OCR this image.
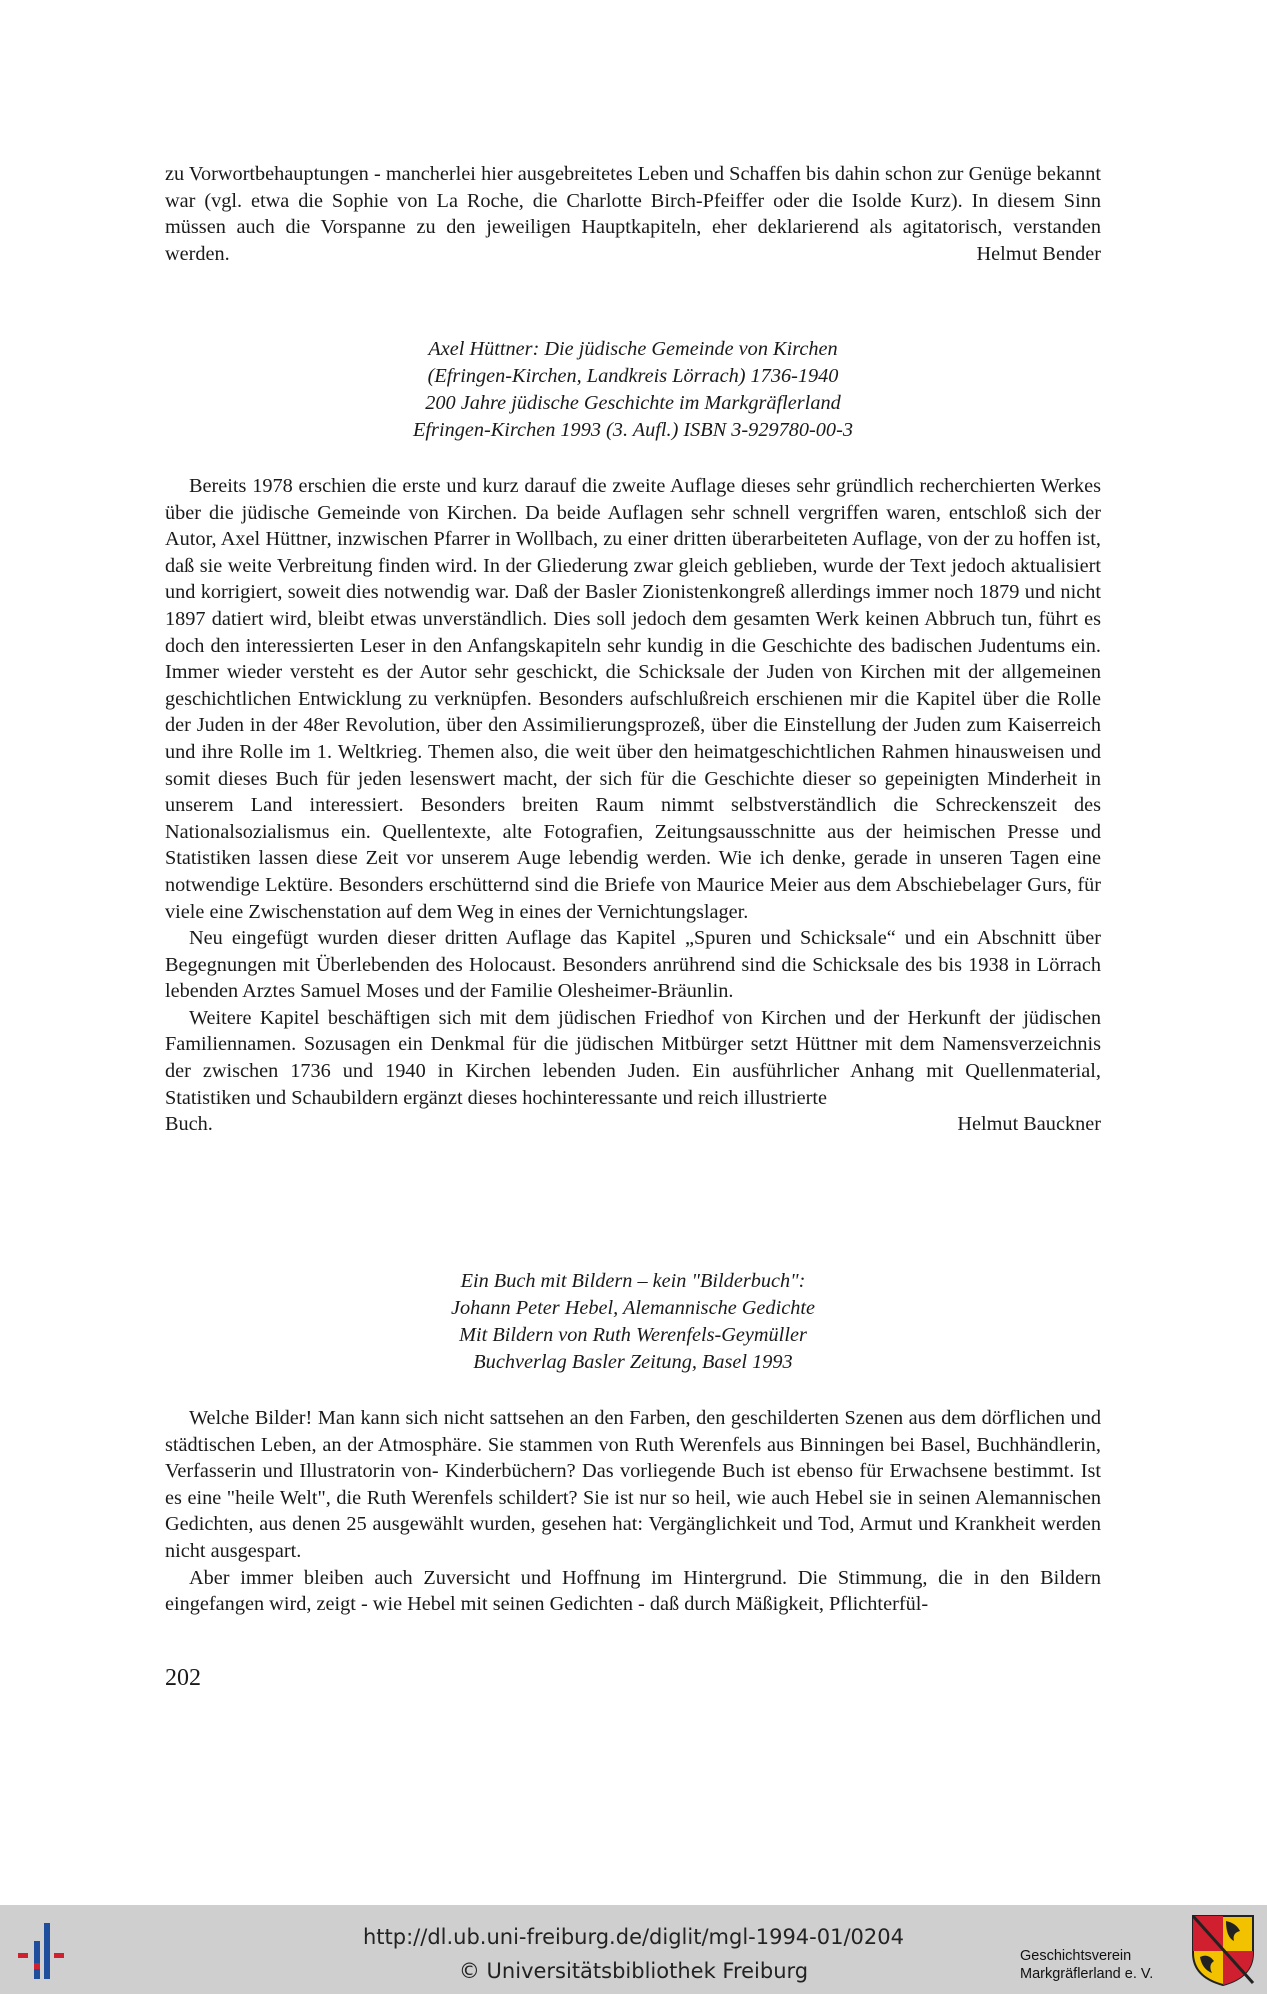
zu Vorwortbehauptungen - mancherlei hier ausgebreitetes Leben und Schaffen bis dahin schon zur Genüge bekannt war (vgl. etwa die Sophie von La Roche, die Charlotte Birch-Pfeiffer oder die Isolde Kurz). In diesem Sinn müssen auch die Vorspanne zu den jeweiligen Hauptkapiteln, eher deklarierend als agitatorisch, verstanden werden.	Helmut Bender

Axel Hüttner: Die jüdische Gemeinde von Kirchen
(Efringen-Kirchen, Landkreis Lörrach) 1736-1940
200 Jahre jüdische Geschichte im Markgräflerland
Efringen-Kirchen 1993 (3. Aufl.) ISBN 3-929780-00-3

Bereits 1978 erschien die erste und kurz darauf die zweite Auflage dieses sehr gründlich recherchierten Werkes über die jüdische Gemeinde von Kirchen. Da beide Auflagen sehr schnell vergriffen waren, entschloß sich der Autor, Axel Hüttner, inzwischen Pfarrer in Wollbach, zu einer dritten überarbeiteten Auflage, von der zu hoffen ist, daß sie weite Verbreitung finden wird. In der Gliederung zwar gleich geblieben, wurde der Text jedoch aktualisiert und korrigiert, soweit dies notwendig war. Daß der Basler Zionistenkongreß allerdings immer noch 1879 und nicht 1897 datiert wird, bleibt etwas unverständlich. Dies soll jedoch dem gesamten Werk keinen Abbruch tun, führt es doch den interessierten Leser in den Anfangskapiteln sehr kundig in die Geschichte des badischen Judentums ein. Immer wieder versteht es der Autor sehr geschickt, die Schicksale der Juden von Kirchen mit der allgemeinen geschichtlichen Entwicklung zu verknüpfen. Besonders aufschlußreich erschienen mir die Kapitel über die Rolle der Juden in der 48er Revolution, über den Assimilierungsprozeß, über die Einstellung der Juden zum Kaiserreich und ihre Rolle im 1. Weltkrieg. Themen also, die weit über den heimatgeschichtlichen Rahmen hinausweisen und somit dieses Buch für jeden lesenswert macht, der sich für die Geschichte dieser so gepeinigten Minderheit in unserem Land interessiert. Besonders breiten Raum nimmt selbstverständlich die Schreckenszeit des Nationalsozialismus ein. Quellentexte, alte Fotografien, Zeitungsausschnitte aus der heimischen Presse und Statistiken lassen diese Zeit vor unserem Auge lebendig werden. Wie ich denke, gerade in unseren Tagen eine notwendige Lektüre. Besonders erschütternd sind die Briefe von Maurice Meier aus dem Abschiebelager Gurs, für viele eine Zwischenstation auf dem Weg in eines der Vernichtungslager.

Neu eingefügt wurden dieser dritten Auflage das Kapitel „Spuren und Schicksale“ und ein Abschnitt über Begegnungen mit Überlebenden des Holocaust. Besonders anrührend sind die Schicksale des bis 1938 in Lörrach lebenden Arztes Samuel Moses und der Familie Olesheimer-Bräunlin.

Weitere Kapitel beschäftigen sich mit dem jüdischen Friedhof von Kirchen und der Herkunft der jüdischen Familiennamen. Sozusagen ein Denkmal für die jüdischen Mitbürger setzt Hüttner mit dem Namensverzeichnis der zwischen 1736 und 1940 in Kirchen lebenden Juden. Ein ausführlicher Anhang mit Quellenmaterial, Statistiken und Schaubildern ergänzt dieses hochinteressante und reich illustrierte

Buch.	Helmut Bauckner
Ein Buch mit Bildern – kein "Bilderbuch":
Johann Peter Hebel, Alemannische Gedichte
Mit Bildern von Ruth Werenfels-Geymüller
Buchverlag Basler Zeitung, Basel 1993

Welche Bilder! Man kann sich nicht sattsehen an den Farben, den geschilderten Szenen aus dem dörflichen und städtischen Leben, an der Atmosphäre. Sie stammen von Ruth Werenfels aus Binningen bei Basel, Buchhändlerin, Verfasserin und Illustratorin von- Kinderbüchern? Das vorliegende Buch ist ebenso für Erwachsene bestimmt. Ist es eine "heile Welt", die Ruth Werenfels schildert? Sie ist nur so heil, wie auch Hebel sie in seinen Alemannischen Gedichten, aus denen 25 ausgewählt wurden, gesehen hat: Vergänglichkeit und Tod, Armut und Krankheit werden nicht ausgespart.

Aber immer bleiben auch Zuversicht und Hoffnung im Hintergrund. Die Stimmung, die in den Bildern eingefangen wird, zeigt - wie Hebel mit seinen Gedichten - daß durch Mäßigkeit, Pflichterfül-

202
http://dl.ub.uni-freiburg.de/diglit/mgl-1994-01/0204
© Universitätsbibliothek Freiburg
Geschichtsverein
Markgräflerland e. V.
